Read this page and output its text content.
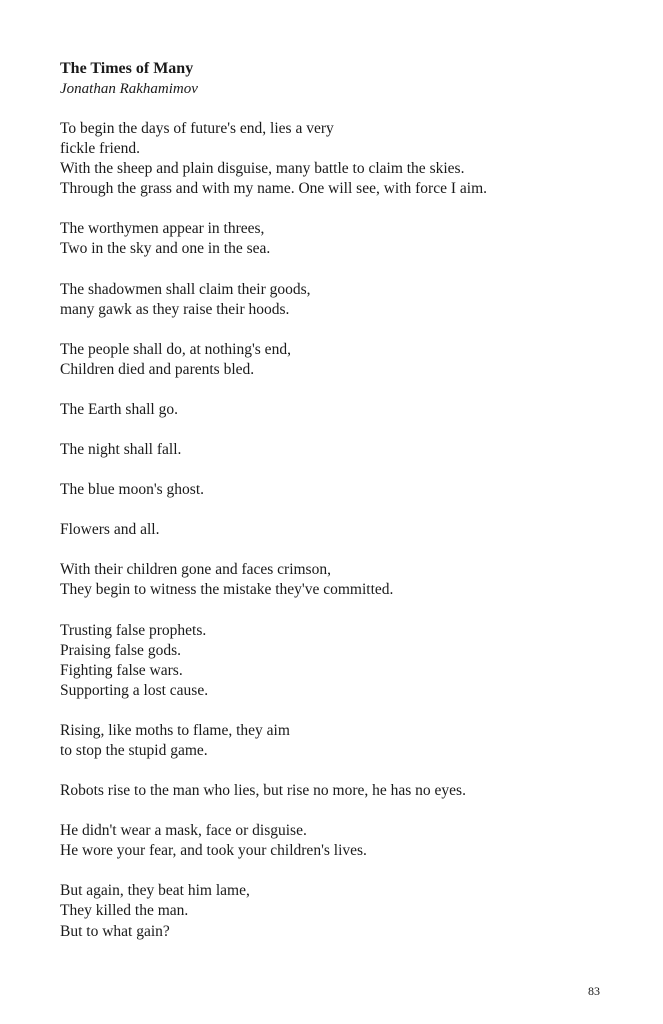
The Times of Many
Jonathan Rakhamimov
To begin the days of future's end, lies a very
fickle friend.
With the sheep and plain disguise, many battle to claim the skies.
Through the grass and with my name. One will see, with force I aim.
The worthymen appear in threes,
Two in the sky and one in the sea.
The shadowmen shall claim their goods,
many gawk as they raise their hoods.
The people shall do, at nothing's end,
Children died and parents bled.
The Earth shall go.
The night shall fall.
The blue moon's ghost.
Flowers and all.
With their children gone and faces crimson,
They begin to witness the mistake they've committed.
Trusting false prophets.
Praising false gods.
Fighting false wars.
Supporting a lost cause.
Rising, like moths to flame, they aim
to stop the stupid game.
Robots rise to the man who lies, but rise no more, he has no eyes.
He didn't wear a mask, face or disguise.
He wore your fear, and took your children's lives.
But again, they beat him lame,
They killed the man.
But to what gain?
83
